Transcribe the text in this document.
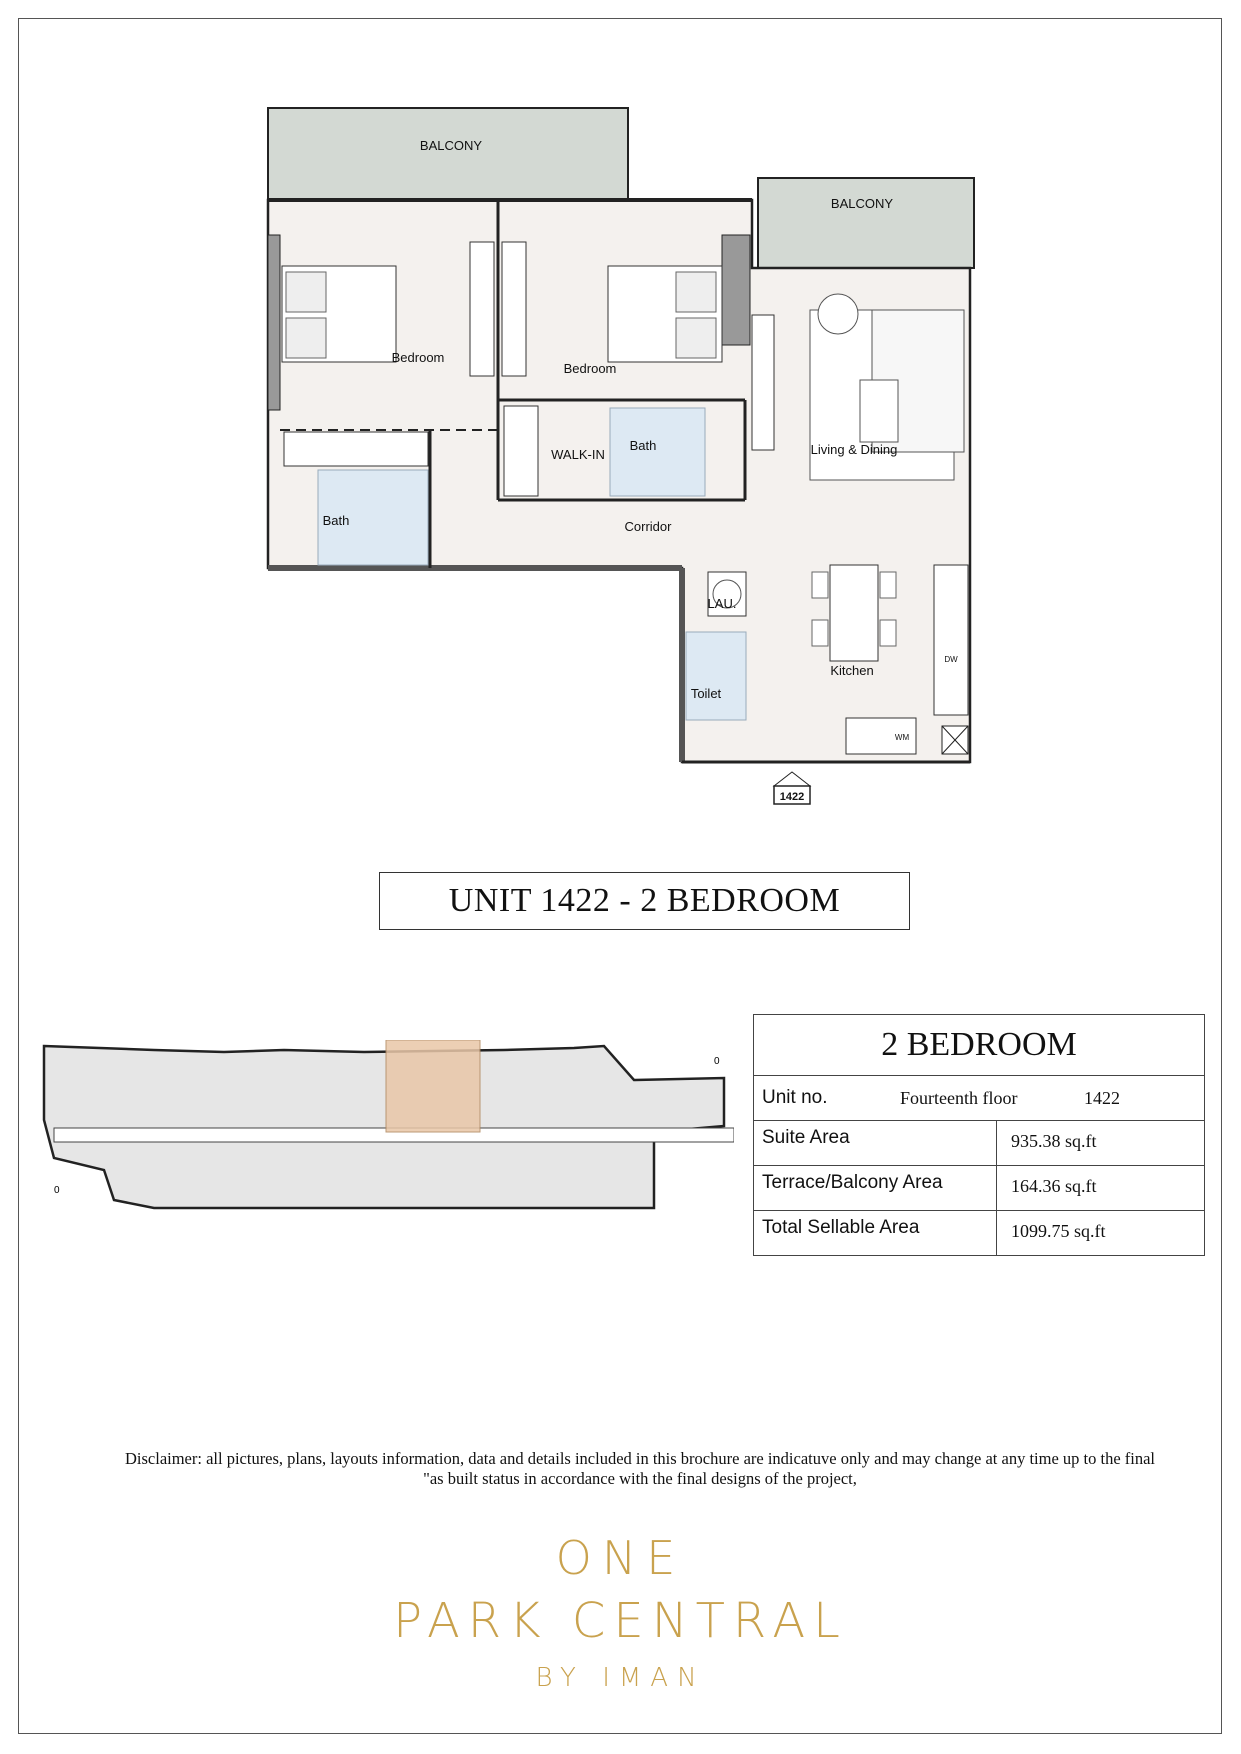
BALCONY
BALCONY
Bedroom
Bedroom
Bath
Bath
WALK-IN
Corridor
Living & Dining
LAU.
Kitchen
Toilet
DW
WM
1422
UNIT 1422 - 2 BEDROOM
0
0	2 BEDROOM
Unit no.	Fourteenth floor	1422
Suite Area	935.38 sq.ft
Terrace/Balcony Area	164.36 sq.ft
Total Sellable Area	1099.75 sq.ft
Disclaimer: all pictures, plans, layouts information, data and details included in this brochure are indicatuve only and may change at any time up to the final
"as built status in accordance with the final designs of the project,
ONE
PARK CENTRAL
BY IMAN
